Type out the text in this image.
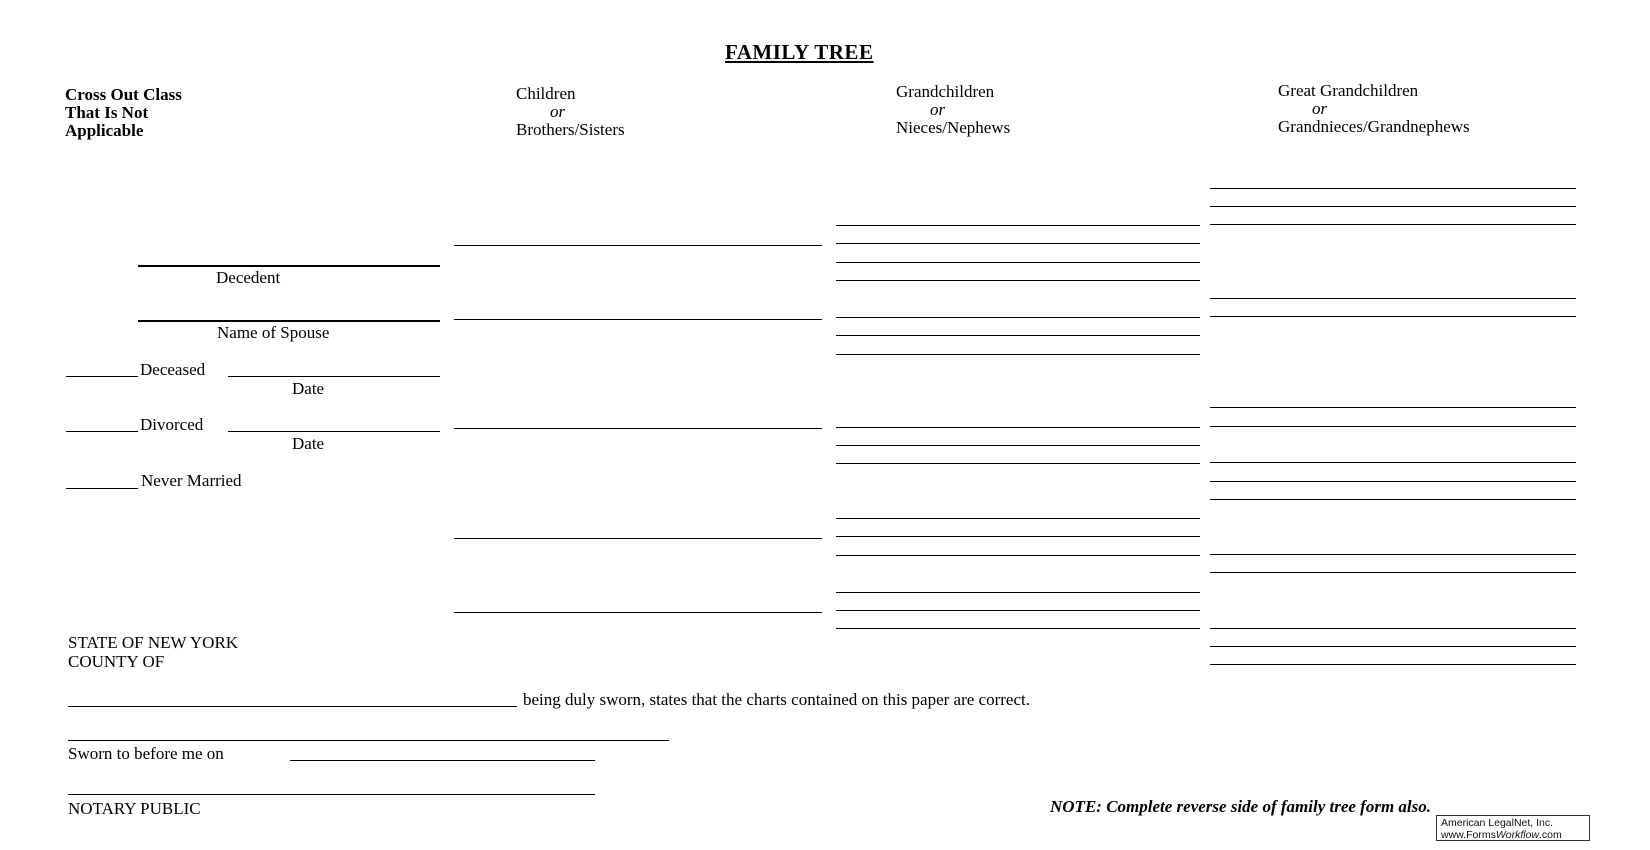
FAMILY TREE
Cross Out Class
That Is Not
Applicable
Children
or
Brothers/Sisters
Grandchildren
or
Nieces/Nephews
Great Grandchildren
or
Grandnieces/Grandnephews
Decedent
Name of Spouse
Deceased
Date
Divorced
Date
Never Married
STATE OF NEW YORK
COUNTY OF
being duly sworn, states that the charts contained on this paper are correct.
Sworn to before me on
NOTARY PUBLIC	NOTE: Complete reverse side of family tree form also.
American LegalNet, Inc.
www.FormsWorkflow.com
